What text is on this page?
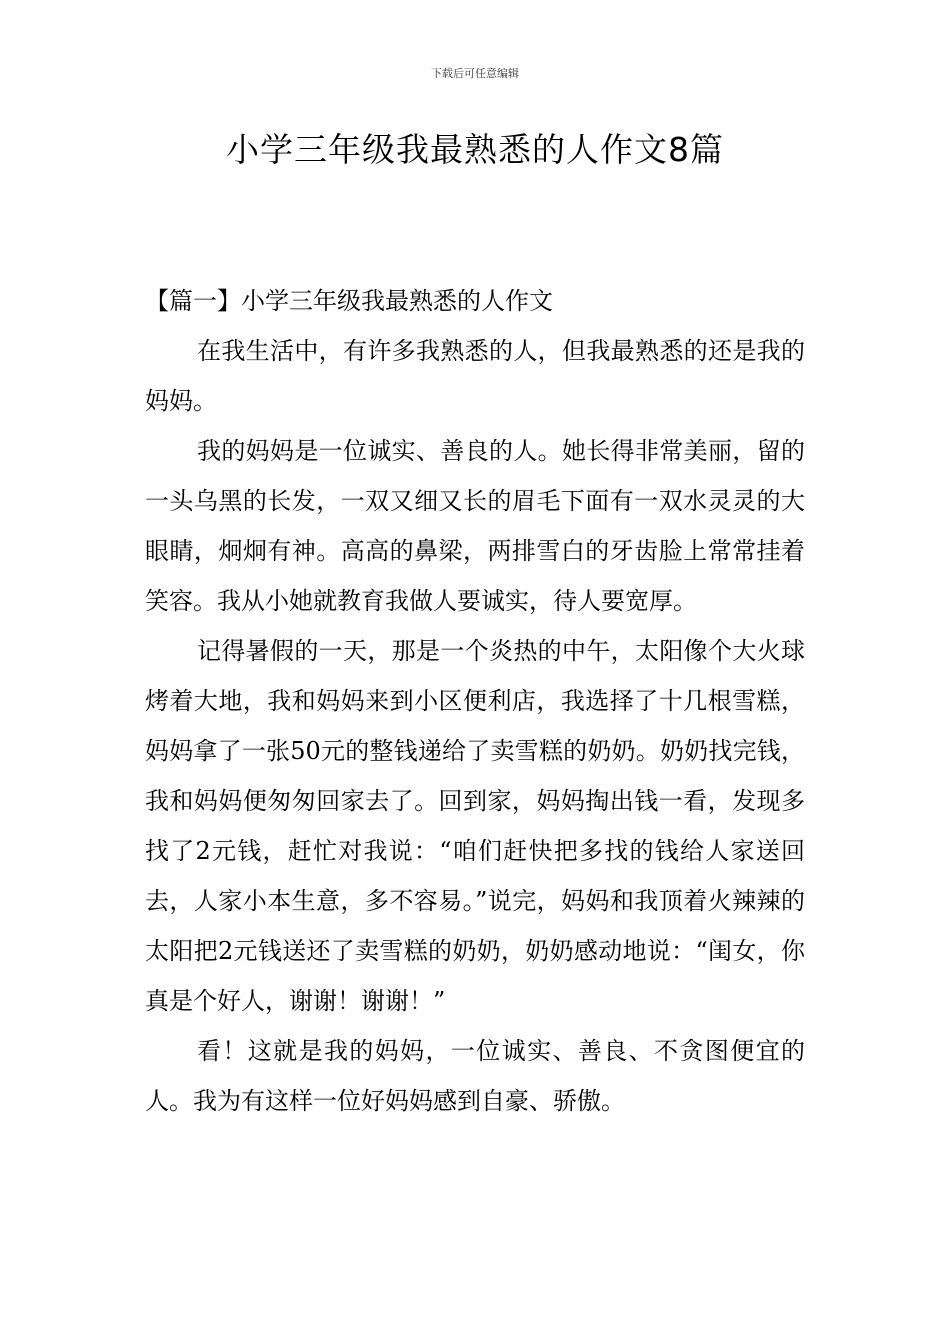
下载后可任意编辑
小学三年级我最熟悉的人作文8篇
【篇一】小学三年级我最熟悉的人作文

在我生活中，有许多我熟悉的人，但我最熟悉的还是我的妈妈。

我的妈妈是一位诚实、善良的人。她长得非常美丽，留的一头乌黑的长发，一双又细又长的眉毛下面有一双水灵灵的大眼睛，炯炯有神。高高的鼻梁，两排雪白的牙齿脸上常常挂着笑容。我从小她就教育我做人要诚实，待人要宽厚。

记得暑假的一天，那是一个炎热的中午，太阳像个大火球烤着大地，我和妈妈来到小区便利店，我选择了十几根雪糕，妈妈拿了一张50元的整钱递给了卖雪糕的奶奶。奶奶找完钱，我和妈妈便匆匆回家去了。回到家，妈妈掏出钱一看，发现多找了2元钱，赶忙对我说：“咱们赶快把多找的钱给人家送回去，人家小本生意，多不容易。”说完，妈妈和我顶着火辣辣的太阳把2元钱送还了卖雪糕的奶奶，奶奶感动地说：“闺女，你真是个好人，谢谢！谢谢！”

看！这就是我的妈妈，一位诚实、善良、不贪图便宜的人。我为有这样一位好妈妈感到自豪、骄傲。
